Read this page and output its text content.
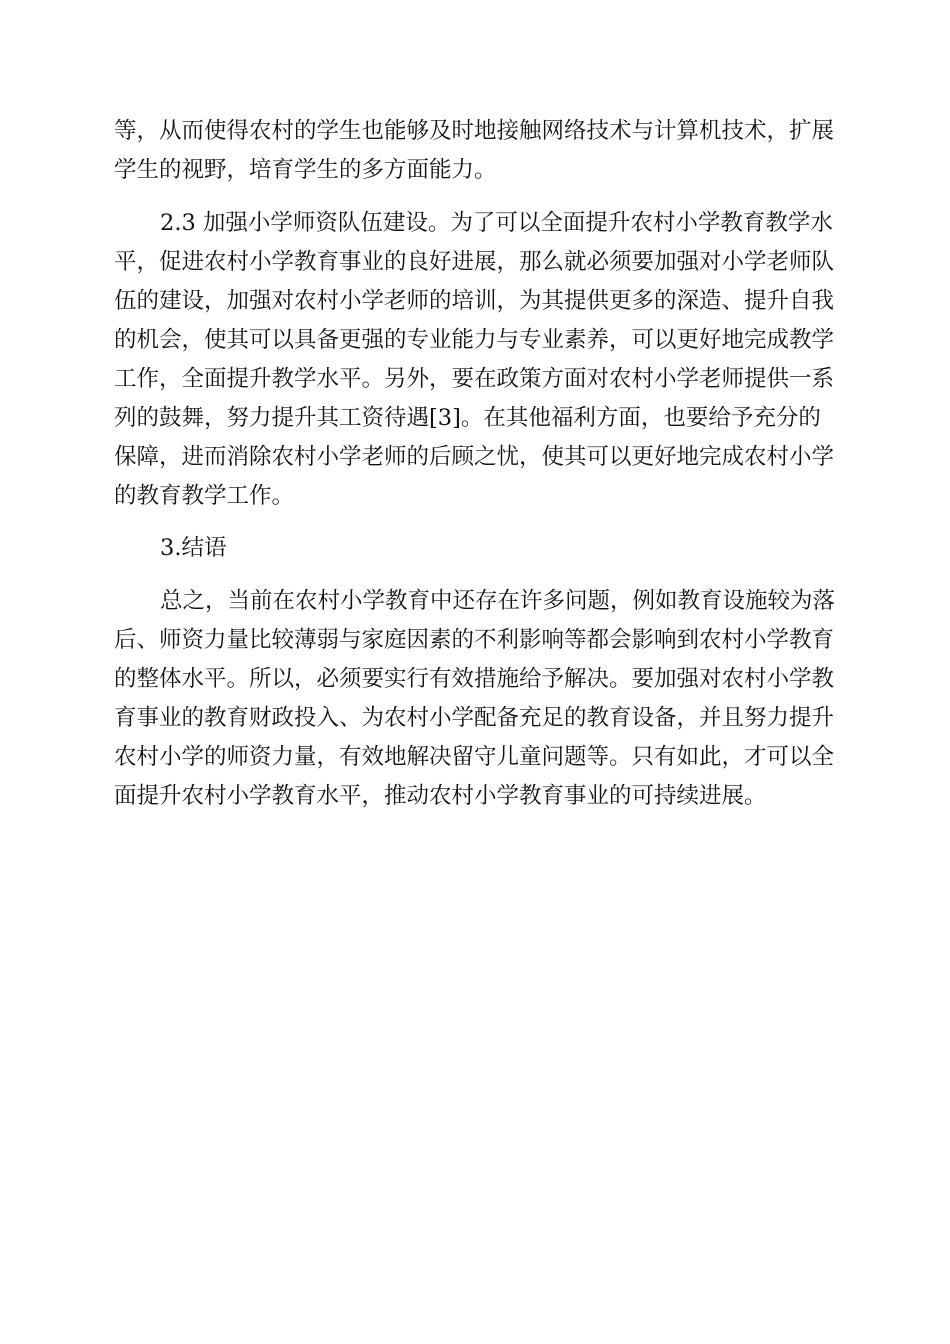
等，从而使得农村的学生也能够及时地接触网络技术与计算机技术，扩展

学生的视野，培育学生的多方面能力。

2.3 加强小学师资队伍建设。为了可以全面提升农村小学教育教学水

平，促进农村小学教育事业的良好进展，那么就必须要加强对小学老师队

伍的建设，加强对农村小学老师的培训，为其提供更多的深造、提升自我

的机会，使其可以具备更强的专业能力与专业素养，可以更好地完成教学

工作，全面提升教学水平。另外，要在政策方面对农村小学老师提供一系

列的鼓舞，努力提升其工资待遇[3]。在其他福利方面，也要给予充分的

保障，进而消除农村小学老师的后顾之忧，使其可以更好地完成农村小学

的教育教学工作。

3.结语

总之，当前在农村小学教育中还存在许多问题，例如教育设施较为落

后、师资力量比较薄弱与家庭因素的不利影响等都会影响到农村小学教育

的整体水平。所以，必须要实行有效措施给予解决。要加强对农村小学教

育事业的教育财政投入、为农村小学配备充足的教育设备，并且努力提升

农村小学的师资力量，有效地解决留守儿童问题等。只有如此，才可以全

面提升农村小学教育水平，推动农村小学教育事业的可持续进展。
